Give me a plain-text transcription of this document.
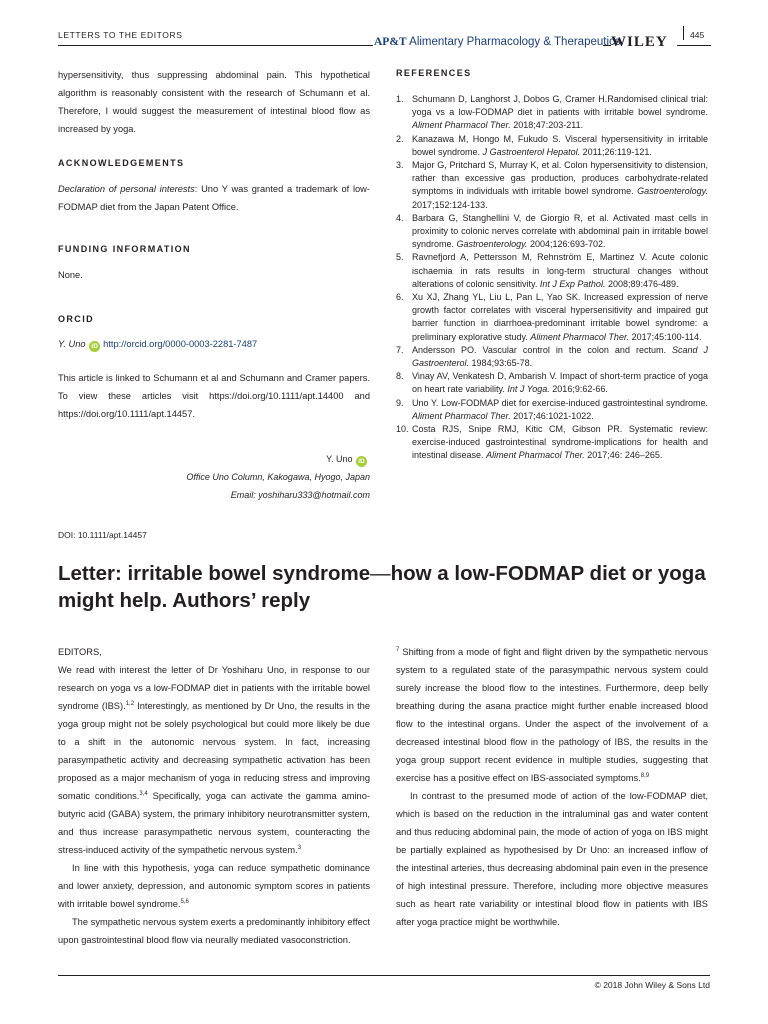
LETTERS TO THE EDITORS
AP&T Alimentary Pharmacology & Therapeutics
WILEY	445

hypersensitivity, thus suppressing abdominal pain. This hypothetical algorithm is reasonably consistent with the research of Schumann et al. Therefore, I would suggest the measurement of intestinal blood flow as increased by yoga.

ACKNOWLEDGEMENTS

Declaration of personal interests: Uno Y was granted a trademark of low-FODMAP diet from the Japan Patent Office.

FUNDING INFORMATION
None.
ORCID
Y. Uno iD http://orcid.org/0000-0003-2281-7487

This article is linked to Schumann et al and Schumann and Cramer papers. To view these articles visit https://doi.org/10.1111/apt.14400 and https://doi.org/10.1111/apt.14457.

Y. Uno iD
Office Uno Column, Kakogawa, Hyogo, Japan
Email: yoshiharu333@hotmail.com
REFERENCES
1. Schumann D, Langhorst J, Dobos G, Cramer H.Randomised clinical trial: yoga vs a low-FODMAP diet in patients with irritable bowel syndrome. Aliment Pharmacol Ther. 2018;47:203-211.
2. Kanazawa M, Hongo M, Fukudo S. Visceral hypersensitivity in irritable bowel syndrome. J Gastroenterol Hepatol. 2011;26:119-121.
3. Major G, Pritchard S, Murray K, et al. Colon hypersensitivity to distension, rather than excessive gas production, produces carbohydrate-related symptoms in individuals with irritable bowel syndrome. Gastroenterology. 2017;152:124-133.
4. Barbara G, Stanghellini V, de Giorgio R, et al. Activated mast cells in proximity to colonic nerves correlate with abdominal pain in irritable bowel syndrome. Gastroenterology. 2004;126:693-702.
5. Ravnefjord A, Pettersson M, Rehnström E, Martinez V. Acute colonic ischaemia in rats results in long-term structural changes without alterations of colonic sensitivity. Int J Exp Pathol. 2008;89:476-489.
6. Xu XJ, Zhang YL, Liu L, Pan L, Yao SK. Increased expression of nerve growth factor correlates with visceral hypersensitivity and impaired gut barrier function in diarrhoea-predominant irritable bowel syndrome: a preliminary explorative study. Aliment Pharmacol Ther. 2017;45:100-114.
7. Andersson PO. Vascular control in the colon and rectum. Scand J Gastroenterol. 1984;93:65-78.
8. Vinay AV, Venkatesh D, Ambarish V. Impact of short-term practice of yoga on heart rate variability. Int J Yoga. 2016;9:62-66.
9. Uno Y. Low-FODMAP diet for exercise-induced gastrointestinal syndrome. Aliment Pharmacol Ther. 2017;46:1021-1022.
10. Costa RJS, Snipe RMJ, Kitic CM, Gibson PR. Systematic review: exercise-induced gastrointestinal syndrome-implications for health and intestinal disease. Aliment Pharmacol Ther. 2017;46: 246–265.
DOI: 10.1111/apt.14457
Letter: irritable bowel syndrome—how a low-FODMAP diet or yoga might help. Authors’ reply

EDITORS,

We read with interest the letter of Dr Yoshiharu Uno, in response to our research on yoga vs a low-FODMAP diet in patients with the irritable bowel syndrome (IBS).$^{1,2}$ Interestingly, as mentioned by Dr Uno, the results in the yoga group might not be solely psychological but could more likely be due to a shift in the autonomic nervous system. In fact, increasing parasympathetic activity and decreasing sympathetic activation has been proposed as a major mechanism of yoga in reducing stress and improving somatic conditions.$^{3,4}$ Specifically, yoga can activate the gamma amino-butyric acid (GABA) system, the primary inhibitory neurotransmitter system, and thus increase parasympathetic nervous system, counteracting the stress-induced activity of the sympathetic nervous system.$^3$

In line with this hypothesis, yoga can reduce sympathetic dominance and lower anxiety, depression, and autonomic symptom scores in patients with irritable bowel syndrome.$^{5,6}$

The sympathetic nervous system exerts a predominantly inhibitory effect upon gastrointestinal blood flow via neurally mediated vasoconstriction.

$^7$ Shifting from a mode of fight and flight driven by the sympathetic nervous system to a regulated state of the parasympathic nervous system could surely increase the blood flow to the intestines. Furthermore, deep belly breathing during the asana practice might further enable increased blood flow to the intestinal organs. Under the aspect of the involvement of a decreased intestinal blood flow in the pathology of IBS, the results in the yoga group support recent evidence in multiple studies, suggesting that exercise has a positive effect on IBS-associated symptoms.$^{8,9}$

In contrast to the presumed mode of action of the low-FODMAP diet, which is based on the reduction in the intraluminal gas and water content and thus reducing abdominal pain, the mode of action of yoga on IBS might be partially explained as hypothesised by Dr Uno: an increased inflow of the intestinal arteries, thus decreasing abdominal pain even in the presence of high intestinal pressure. Therefore, including more objective measures such as heart rate variability or intestinal blood flow in patients with IBS after yoga practice might be worthwhile.

© 2018 John Wiley & Sons Ltd
